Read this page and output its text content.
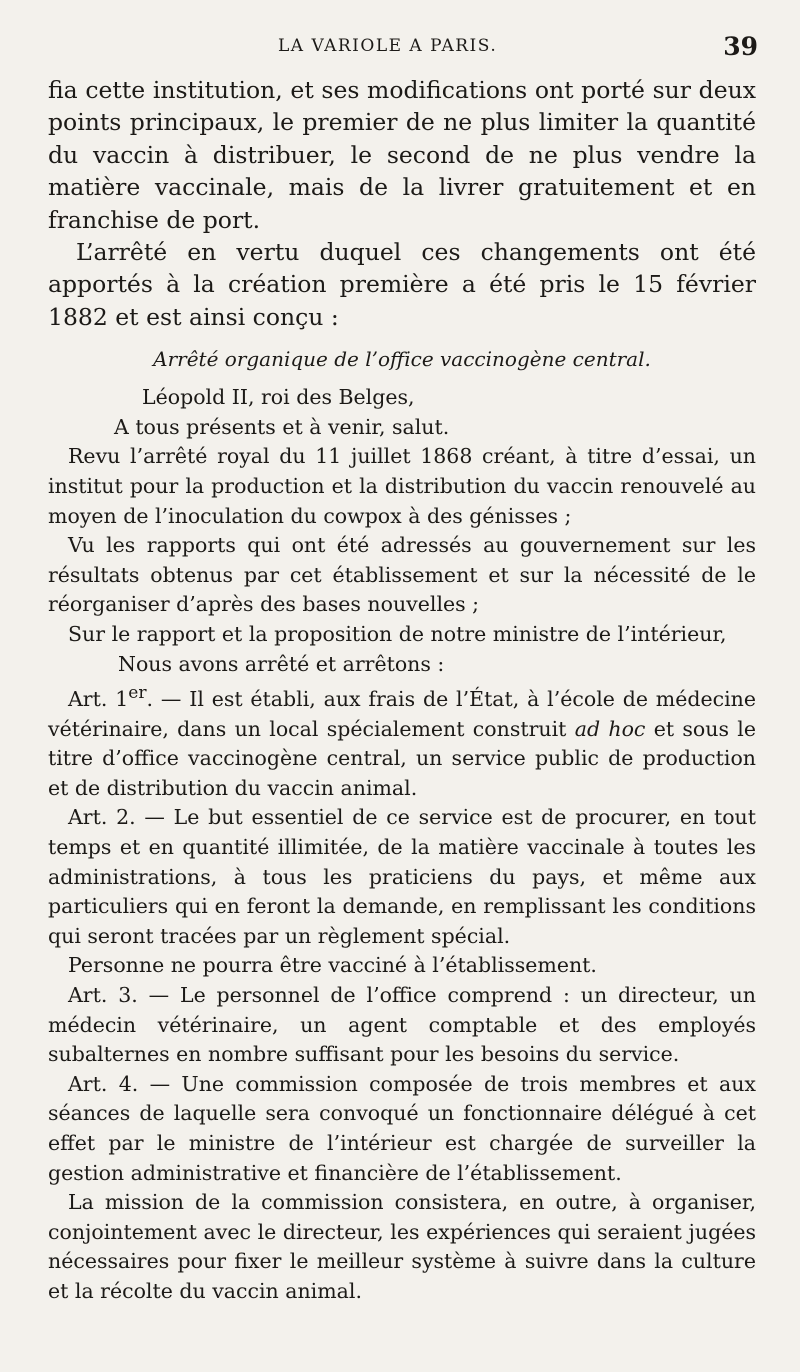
LA VARIOLE A PARIS.	39

fia cette institution, et ses modifications ont porté sur deux points principaux, le premier de ne plus limiter la quantité du vaccin à distribuer, le second de ne plus vendre la matière vaccinale, mais de la livrer gratuitement et en franchise de port.

L’arrêté en vertu duquel ces changements ont été apportés à la création première a été pris le 15 février 1882 et est ainsi conçu :

Arrêté organique de l’office vaccinogène central.

Léopold II, roi des Belges,

A tous présents et à venir, salut.

Revu l’arrêté royal du 11 juillet 1868 créant, à titre d’essai, un institut pour la production et la distribution du vaccin renouvelé au moyen de l’inoculation du cowpox à des génisses ;

Vu les rapports qui ont été adressés au gouvernement sur les résultats obtenus par cet établissement et sur la nécessité de le réorganiser d’après des bases nouvelles ;

Sur le rapport et la proposition de notre ministre de l’intérieur,

Nous avons arrêté et arrêtons :

Art. 1er. — Il est établi, aux frais de l’État, à l’école de médecine vétérinaire, dans un local spécialement construit ad hoc et sous le titre d’office vaccinogène central, un service public de production et de distribution du vaccin animal.

Art. 2. — Le but essentiel de ce service est de procurer, en tout temps et en quantité illimitée, de la matière vaccinale à toutes les administrations, à tous les praticiens du pays, et même aux particuliers qui en feront la demande, en remplissant les conditions qui seront tracées par un règlement spécial.

Personne ne pourra être vacciné à l’établissement.

Art. 3. — Le personnel de l’office comprend : un directeur, un médecin vétérinaire, un agent comptable et des employés subalternes en nombre suffisant pour les besoins du service.

Art. 4. — Une commission composée de trois membres et aux séances de laquelle sera convoqué un fonctionnaire délégué à cet effet par le ministre de l’intérieur est chargée de surveiller la gestion administrative et financière de l’établissement.

La mission de la commission consistera, en outre, à organiser, conjointement avec le directeur, les expériences qui seraient jugées nécessaires pour fixer le meilleur système à suivre dans la culture et la récolte du vaccin animal.
